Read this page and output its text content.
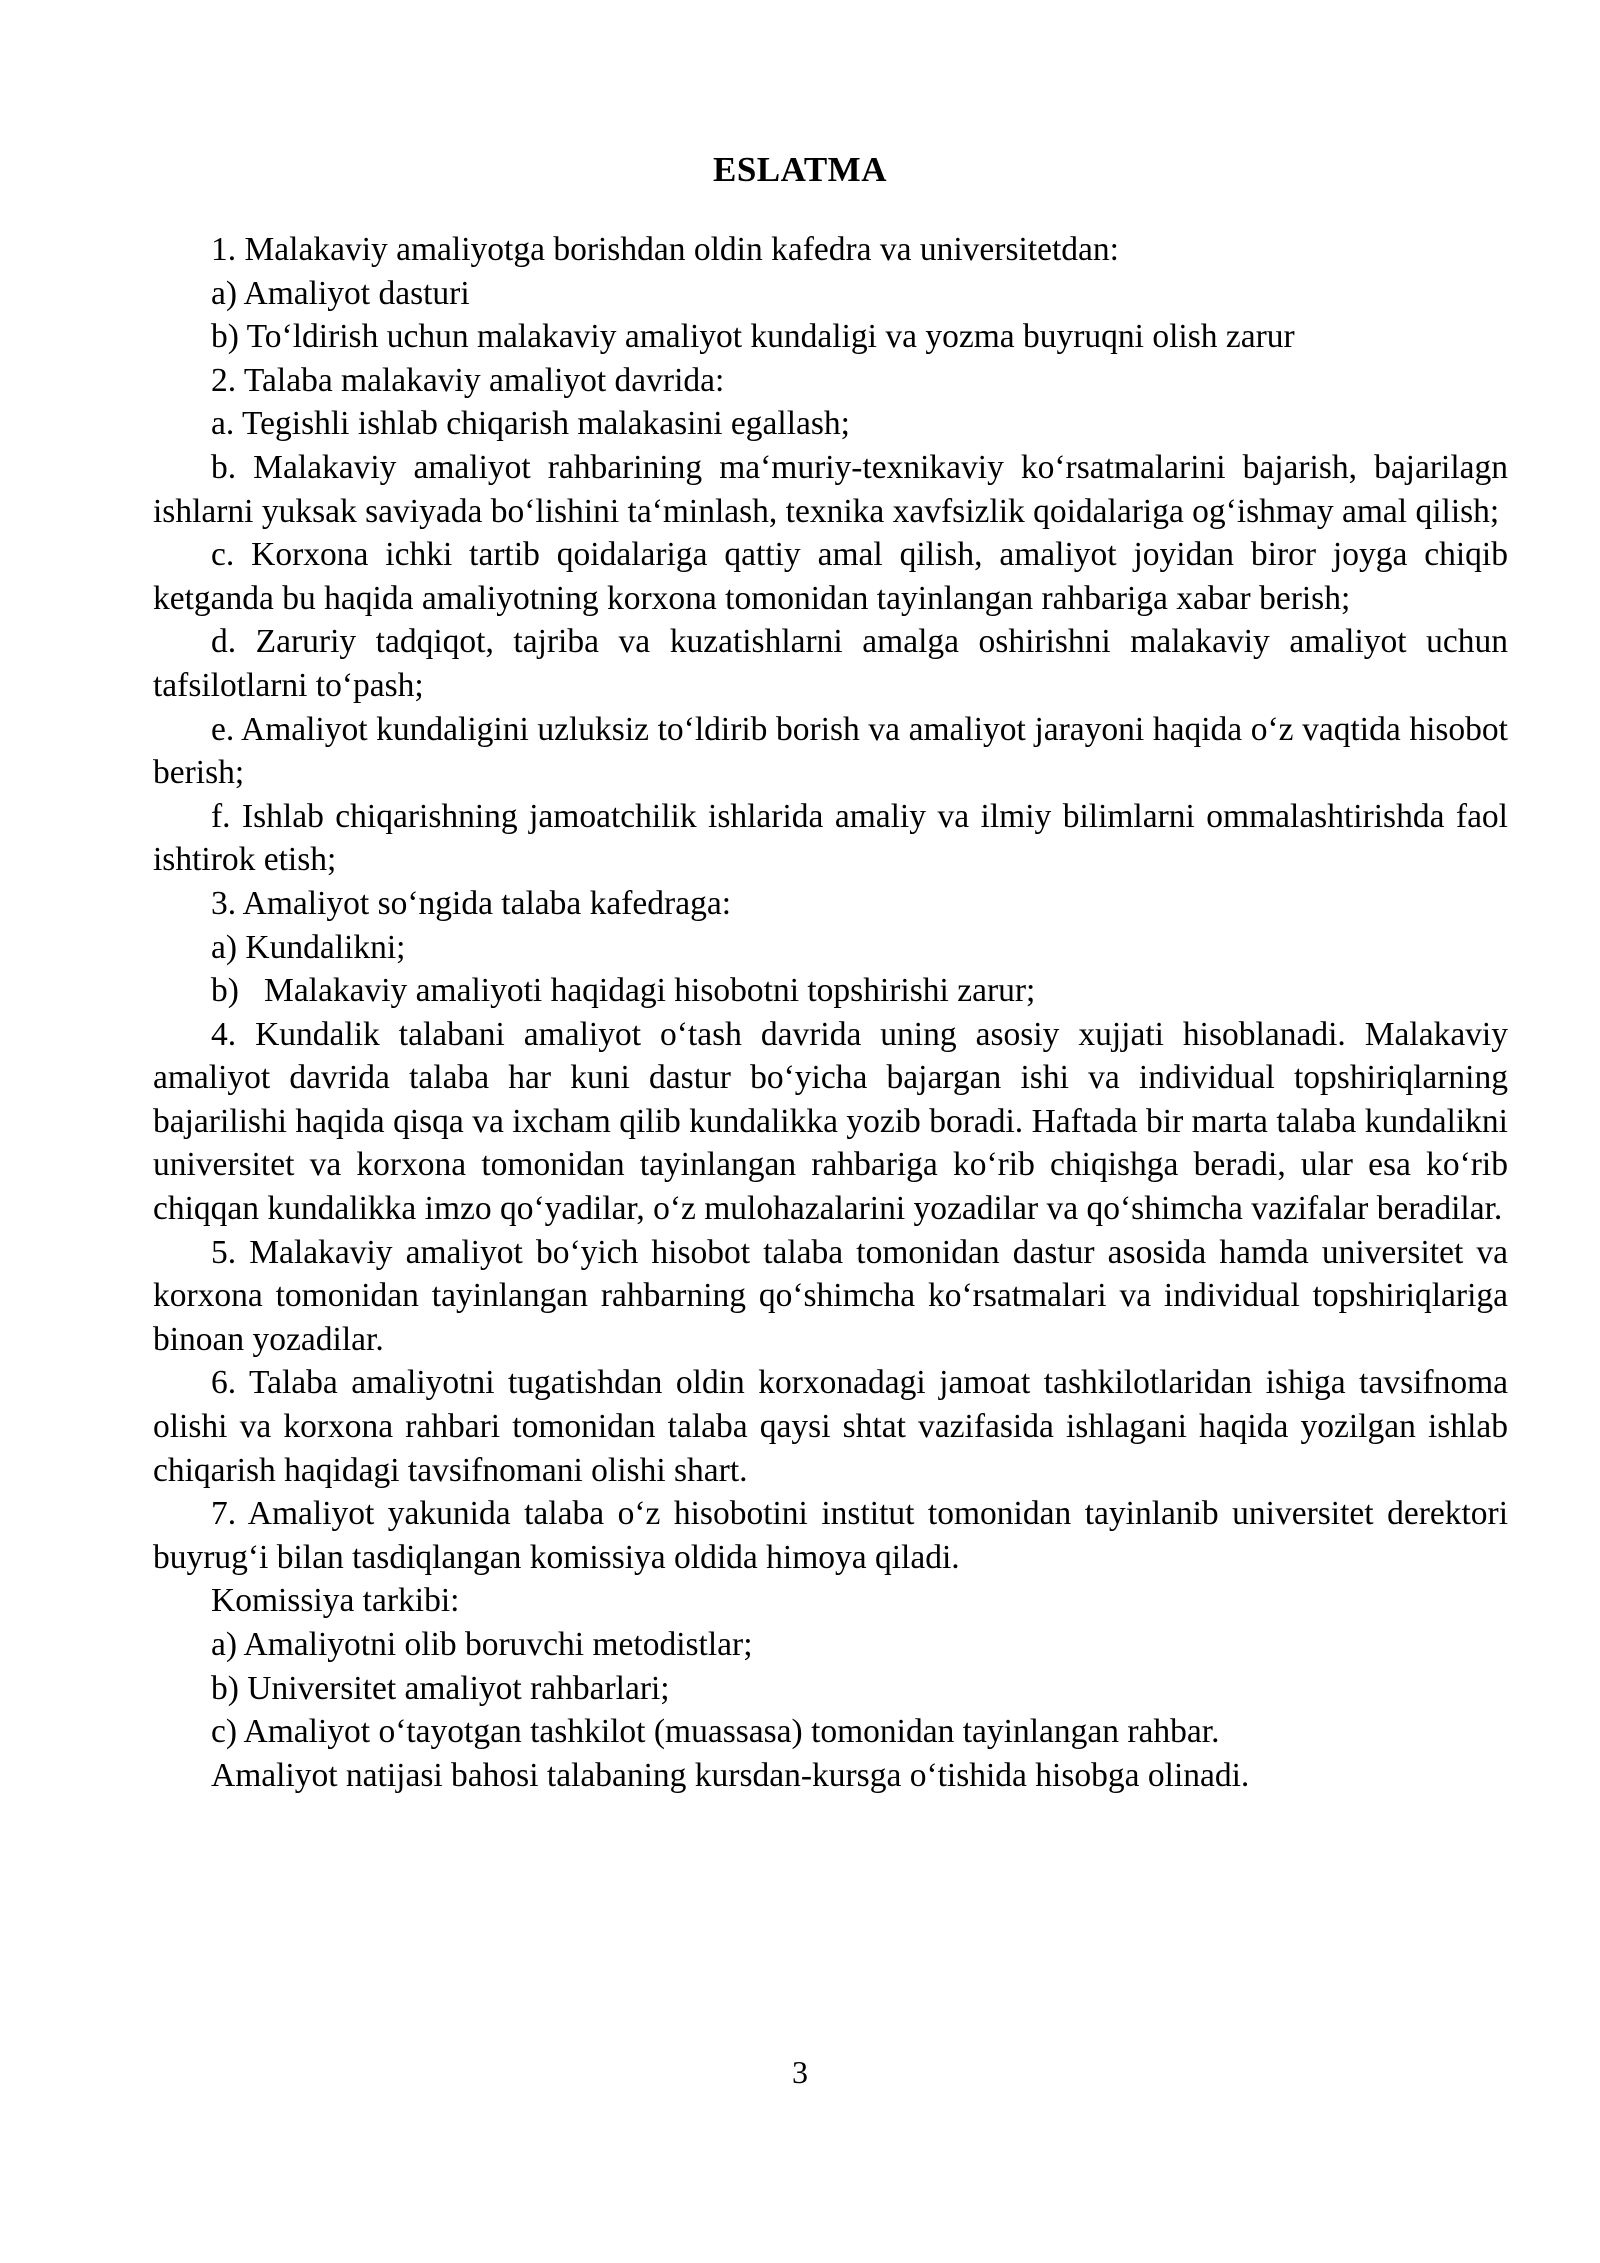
ESLATMA

1. Malakaviy amaliyotga borishdan oldin kafedra va universitetdan:

a) Amaliyot dasturi

b) To‘ldirish uchun malakaviy amaliyot kundaligi va yozma buyruqni olish zarur

2. Talaba malakaviy amaliyot davrida:

a. Tegishli ishlab chiqarish malakasini egallash;

b. Malakaviy amaliyot rahbarining ma‘muriy-texnikaviy ko‘rsatmalarini bajarish, bajarilagn ishlarni yuksak saviyada bo‘lishini ta‘minlash, texnika xavfsizlik qoidalariga og‘ishmay amal qilish;

c. Korxona ichki tartib qoidalariga qattiy amal qilish, amaliyot joyidan biror joyga chiqib ketganda bu haqida amaliyotning korxona tomonidan tayinlangan rahbariga xabar berish;

d. Zaruriy tadqiqot, tajriba va kuzatishlarni amalga oshirishni malakaviy amaliyot uchun tafsilotlarni to‘pash;

e. Amaliyot kundaligini uzluksiz to‘ldirib borish va amaliyot jarayoni haqida o‘z vaqtida hisobot berish;

f. Ishlab chiqarishning jamoatchilik ishlarida amaliy va ilmiy bilimlarni ommalashtirishda faol ishtirok etish;

3. Amaliyot so‘ngida talaba kafedraga:

a) Kundalikni;

b)   Malakaviy amaliyoti haqidagi hisobotni topshirishi zarur;

4. Kundalik talabani amaliyot o‘tash davrida uning asosiy xujjati hisoblanadi. Malakaviy amaliyot davrida talaba har kuni dastur bo‘yicha bajargan ishi va individual topshiriqlarning bajarilishi haqida qisqa va ixcham qilib kundalikka yozib boradi. Haftada bir marta talaba kundalikni universitet va korxona tomonidan tayinlangan rahbariga ko‘rib chiqishga beradi, ular esa ko‘rib chiqqan kundalikka imzo qo‘yadilar, o‘z mulohazalarini yozadilar va qo‘shimcha vazifalar beradilar.

5. Malakaviy amaliyot bo‘yich hisobot talaba tomonidan dastur asosida hamda universitet va korxona tomonidan tayinlangan rahbarning qo‘shimcha ko‘rsatmalari va individual topshiriqlariga binoan yozadilar.

6. Talaba amaliyotni tugatishdan oldin korxonadagi jamoat tashkilotlaridan ishiga tavsifnoma olishi va korxona rahbari tomonidan talaba qaysi shtat vazifasida ishlagani haqida yozilgan ishlab chiqarish haqidagi tavsifnomani olishi shart.

7. Amaliyot yakunida talaba o‘z hisobotini institut tomonidan tayinlanib universitet derektori buyrug‘i bilan tasdiqlangan komissiya oldida himoya qiladi.

Komissiya tarkibi:

a) Amaliyotni olib boruvchi metodistlar;

b) Universitet amaliyot rahbarlari;

c) Amaliyot o‘tayotgan tashkilot (muassasa) tomonidan tayinlangan rahbar.

Amaliyot natijasi bahosi talabaning kursdan-kursga o‘tishida hisobga olinadi.

3
